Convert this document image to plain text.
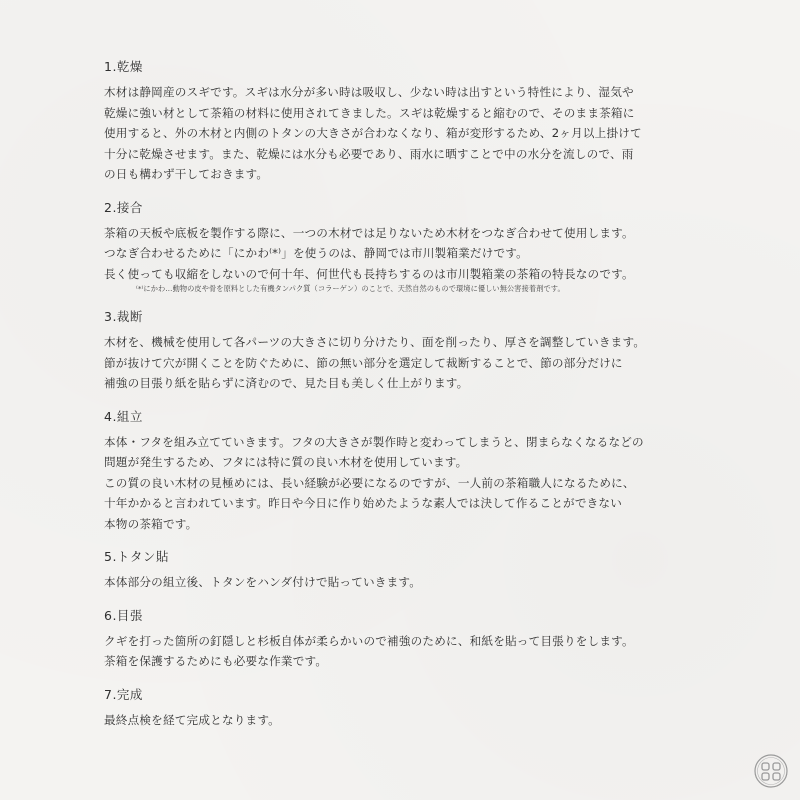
1.乾燥
木材は静岡産のスギです。スギは水分が多い時は吸収し、少ない時は出すという特性により、湿気や
乾燥に強い材として茶箱の材料に使用されてきました。スギは乾燥すると縮むので、そのまま茶箱に
使用すると、外の木材と内側のトタンの大きさが合わなくなり、箱が変形するため、2ヶ月以上掛けて
十分に乾燥させます。また、乾燥には水分も必要であり、雨水に晒すことで中の水分を流しので、雨
の日も構わず干しておきます。
2.接合
茶箱の天板や底板を製作する際に、一つの木材では足りないため木材をつなぎ合わせて使用します。
つなぎ合わせるために「にかわ⁽*⁾」を使うのは、静岡では市川製箱業だけです。
長く使っても収縮をしないので何十年、何世代も長持ちするのは市川製箱業の茶箱の特長なのです。
⁽*⁾にかわ…動物の皮や骨を原料とした有機タンパク質（コラーゲン）のことで、天然自然のもので環境に優しい無公害接着剤です。
3.裁断
木材を、機械を使用して各パーツの大きさに切り分けたり、面を削ったり、厚さを調整していきます。
節が抜けて穴が開くことを防ぐために、節の無い部分を選定して裁断することで、節の部分だけに
補強の目張り紙を貼らずに済むので、見た目も美しく仕上がります。
4.組立
本体・フタを組み立てていきます。フタの大きさが製作時と変わってしまうと、閉まらなくなるなどの
問題が発生するため、フタには特に質の良い木材を使用しています。
この質の良い木材の見極めには、長い経験が必要になるのですが、一人前の茶箱職人になるために、
十年かかると言われています。昨日や今日に作り始めたような素人では決して作ることができない
本物の茶箱です。
5.トタン貼
本体部分の組立後、トタンをハンダ付けで貼っていきます。
6.目張
クギを打った箇所の釘隠しと杉板自体が柔らかいので補強のために、和紙を貼って目張りをします。
茶箱を保護するためにも必要な作業です。
7.完成
最終点検を経て完成となります。
